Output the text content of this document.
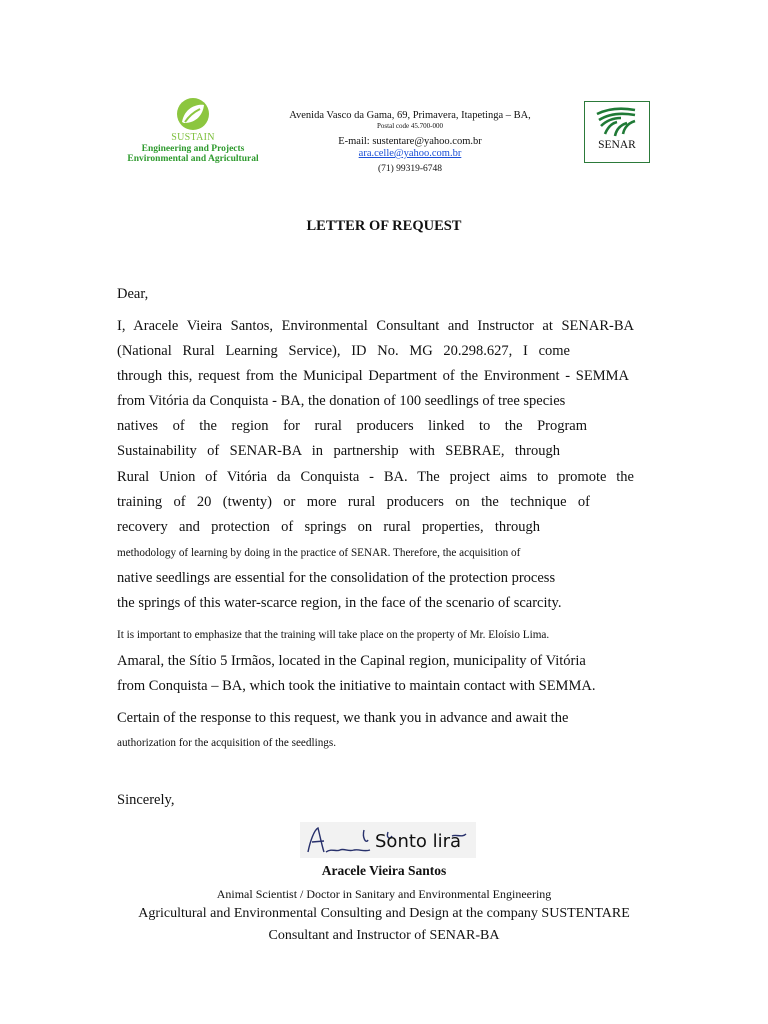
SUSTAIN
Engineering and Projects
Environmental and Agricultural
Avenida Vasco da Gama, 69, Primavera, Itapetinga – BA,
Postal code 45.700-000
E-mail: sustentare@yahoo.com.br
ara.celle@yahoo.com.br
(71) 99319-6748
SENAR
LETTER OF REQUEST
Dear,
I, Aracele Vieira Santos, Environmental Consultant and Instructor at SENAR-BA
(National Rural Learning Service), ID No. MG 20.298.627, I come
through this, request from the Municipal Department of the Environment - SEMMA
from Vitória da Conquista - BA, the donation of 100 seedlings of tree species
natives of the region for rural producers linked to the Program
Sustainability of SENAR-BA in partnership with SEBRAE, through
Rural Union of Vitória da Conquista - BA. The project aims to promote the
training of 20 (twenty) or more rural producers on the technique of
recovery and protection of springs on rural properties, through
methodology of learning by doing in the practice of SENAR. Therefore, the acquisition of
native seedlings are essential for the consolidation of the protection process
the springs of this water-scarce region, in the face of the scenario of scarcity.
It is important to emphasize that the training will take place on the property of Mr. Eloísio Lima.
Amaral, the Sítio 5 Irmãos, located in the Capinal region, municipality of Vitória
from Conquista – BA, which took the initiative to maintain contact with SEMMA.
Certain of the response to this request, we thank you in advance and await the
authorization for the acquisition of the seedlings.
Sincerely,
Sonto lira
Aracele Vieira Santos
Animal Scientist / Doctor in Sanitary and Environmental Engineering
Agricultural and Environmental Consulting and Design at the company SUSTENTARE
Consultant and Instructor of SENAR-BA
